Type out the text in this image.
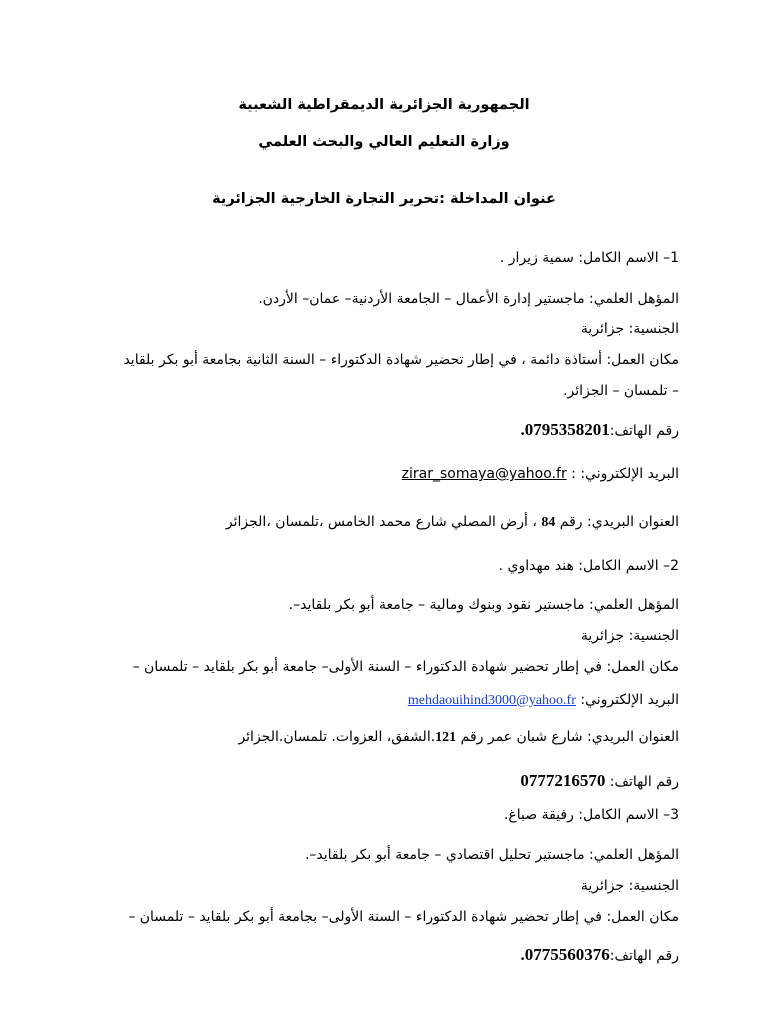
الجمهورية الجزائرية الديمقراطية الشعبية
وزارة التعليم العالي والبحث العلمي
عنوان المداخلة :تحرير التجارة الخارجية الجزائرية
1– الاسم الكامل: سمية زيرار .
المؤهل العلمي: ماجستير إدارة الأعمال – الجامعة الأردنية– عمان– الأردن.
الجنسية: جزائرية
مكان العمل: أستاذة دائمة ، في إطار تحضير شهادة الدكتوراء – السنة الثانية بجامعة أبو بكر بلقايد
– تلمسان – الجزائر.
رقم الهاتف:0795358201.
البريد الإلكتروني: : zirar_somaya@yahoo.fr
العنوان البريدي: رقم 84 ، أرض المصلي شارع محمد الخامس ،تلمسان ،الجزائر
2– الاسم الكامل: هند مهداوي .
المؤهل العلمي: ماجستير نقود وبنوك ومالية – جامعة أبو بكر بلقايد–.
الجنسية: جزائرية
مكان العمل: في إطار تحضير شهادة الدكتوراء – السنة الأولى– جامعة أبو بكر بلقايد – تلمسان –
البريد الإلكتروني: mehdaouihind3000@yahoo.fr
العنوان البريدي: شارع شبان عمر رقم 121.الشفق، العزوات. تلمسان.الجزائر
رقم الهاتف: 0777216570
3– الاسم الكامل: رفيقة صباغ.
المؤهل العلمي: ماجستير تحليل اقتصادي – جامعة أبو بكر بلقايد–.
الجنسية: جزائرية
مكان العمل: في إطار تحضير شهادة الدكتوراء – السنة الأولى– بجامعة أبو بكر بلقايد – تلمسان –
رقم الهاتف:0775560376.
